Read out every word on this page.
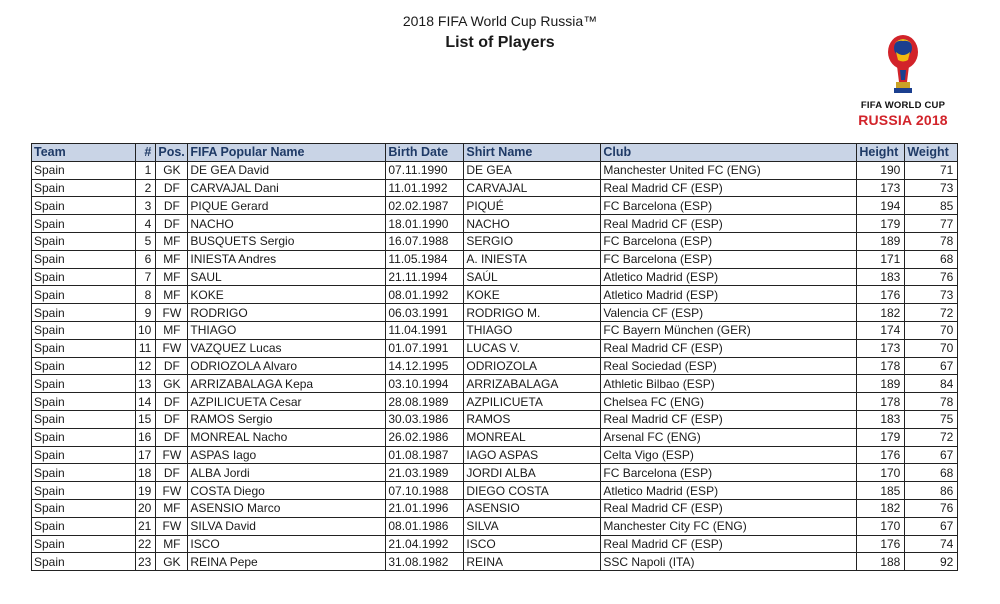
2018 FIFA World Cup Russia™
List of Players
FIFA WORLD CUP
RUSSIA 2018
Team	#	Pos.	FIFA Popular Name	Birth Date	Shirt Name	Club	Height	Weight
Spain	1	GK	DE GEA David	07.11.1990	DE GEA	Manchester United FC (ENG)	190	71
Spain	2	DF	CARVAJAL Dani	11.01.1992	CARVAJAL	Real Madrid CF (ESP)	173	73
Spain	3	DF	PIQUE Gerard	02.02.1987	PIQUÉ	FC Barcelona (ESP)	194	85
Spain	4	DF	NACHO	18.01.1990	NACHO	Real Madrid CF (ESP)	179	77
Spain	5	MF	BUSQUETS Sergio	16.07.1988	SERGIO	FC Barcelona (ESP)	189	78
Spain	6	MF	INIESTA Andres	11.05.1984	A. INIESTA	FC Barcelona (ESP)	171	68
Spain	7	MF	SAUL	21.11.1994	SAÚL	Atletico Madrid (ESP)	183	76
Spain	8	MF	KOKE	08.01.1992	KOKE	Atletico Madrid (ESP)	176	73
Spain	9	FW	RODRIGO	06.03.1991	RODRIGO M.	Valencia CF (ESP)	182	72
Spain	10	MF	THIAGO	11.04.1991	THIAGO	FC Bayern München (GER)	174	70
Spain	11	FW	VAZQUEZ Lucas	01.07.1991	LUCAS V.	Real Madrid CF (ESP)	173	70
Spain	12	DF	ODRIOZOLA Alvaro	14.12.1995	ODRIOZOLA	Real Sociedad (ESP)	178	67
Spain	13	GK	ARRIZABALAGA Kepa	03.10.1994	ARRIZABALAGA	Athletic Bilbao (ESP)	189	84
Spain	14	DF	AZPILICUETA Cesar	28.08.1989	AZPILICUETA	Chelsea FC (ENG)	178	78
Spain	15	DF	RAMOS Sergio	30.03.1986	RAMOS	Real Madrid CF (ESP)	183	75
Spain	16	DF	MONREAL Nacho	26.02.1986	MONREAL	Arsenal FC (ENG)	179	72
Spain	17	FW	ASPAS Iago	01.08.1987	IAGO ASPAS	Celta Vigo (ESP)	176	67
Spain	18	DF	ALBA Jordi	21.03.1989	JORDI ALBA	FC Barcelona (ESP)	170	68
Spain	19	FW	COSTA Diego	07.10.1988	DIEGO COSTA	Atletico Madrid (ESP)	185	86
Spain	20	MF	ASENSIO Marco	21.01.1996	ASENSIO	Real Madrid CF (ESP)	182	76
Spain	21	FW	SILVA David	08.01.1986	SILVA	Manchester City FC (ENG)	170	67
Spain	22	MF	ISCO	21.04.1992	ISCO	Real Madrid CF (ESP)	176	74
Spain	23	GK	REINA Pepe	31.08.1982	REINA	SSC Napoli (ITA)	188	92
